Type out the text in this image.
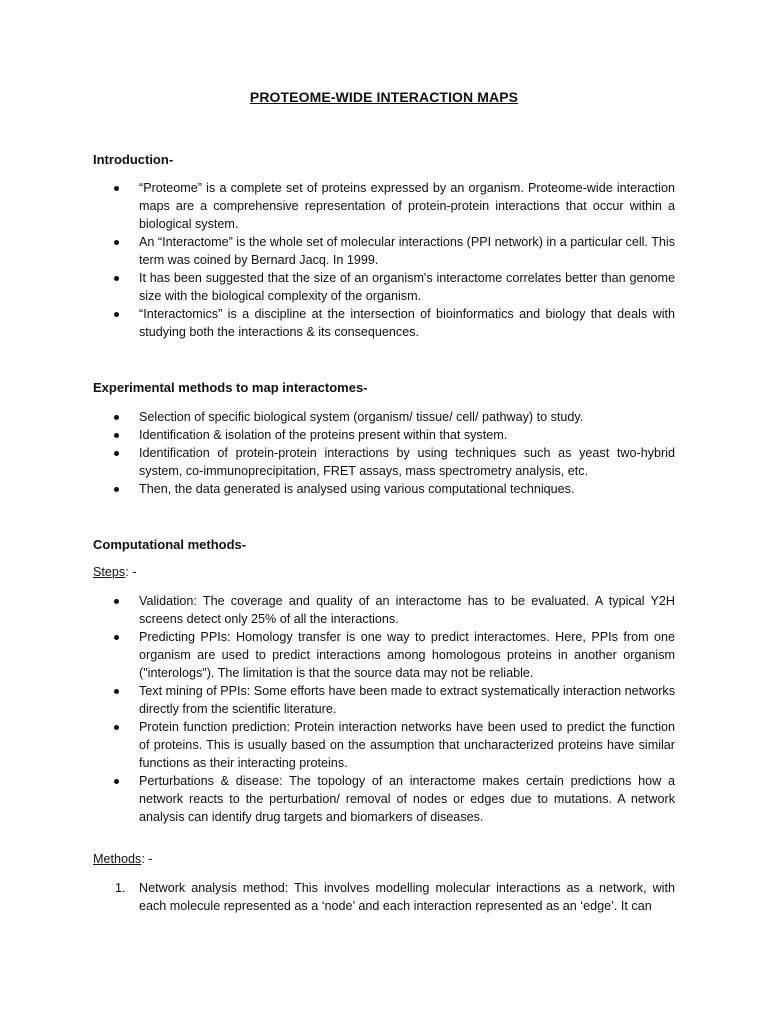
PROTEOME-WIDE INTERACTION MAPS
Introduction-
“Proteome” is a complete set of proteins expressed by an organism. Proteome-wide interaction maps are a comprehensive representation of protein-protein interactions that occur within a biological system.
An “Interactome” is the whole set of molecular interactions (PPI network) in a particular cell. This term was coined by Bernard Jacq. In 1999.
It has been suggested that the size of an organism's interactome correlates better than genome size with the biological complexity of the organism.
“Interactomics” is a discipline at the intersection of bioinformatics and biology that deals with studying both the interactions & its consequences.
Experimental methods to map interactomes-
Selection of specific biological system (organism/ tissue/ cell/ pathway) to study.
Identification & isolation of the proteins present within that system.
Identification of protein-protein interactions by using techniques such as yeast two-hybrid system, co-immunoprecipitation, FRET assays, mass spectrometry analysis, etc.
Then, the data generated is analysed using various computational techniques.
Computational methods-
Steps: -
Validation: The coverage and quality of an interactome has to be evaluated. A typical Y2H screens detect only 25% of all the interactions.
Predicting PPIs: Homology transfer is one way to predict interactomes. Here, PPIs from one organism are used to predict interactions among homologous proteins in another organism ("interologs"). The limitation is that the source data may not be reliable.
Text mining of PPIs: Some efforts have been made to extract systematically interaction networks directly from the scientific literature.
Protein function prediction: Protein interaction networks have been used to predict the function of proteins. This is usually based on the assumption that uncharacterized proteins have similar functions as their interacting proteins.
Perturbations & disease: The topology of an interactome makes certain predictions how a network reacts to the perturbation/ removal of nodes or edges due to mutations. A network analysis can identify drug targets and biomarkers of diseases.
Methods: -
1. Network analysis method: This involves modelling molecular interactions as a network, with each molecule represented as a ‘node’ and each interaction represented as an ‘edge’. It can
